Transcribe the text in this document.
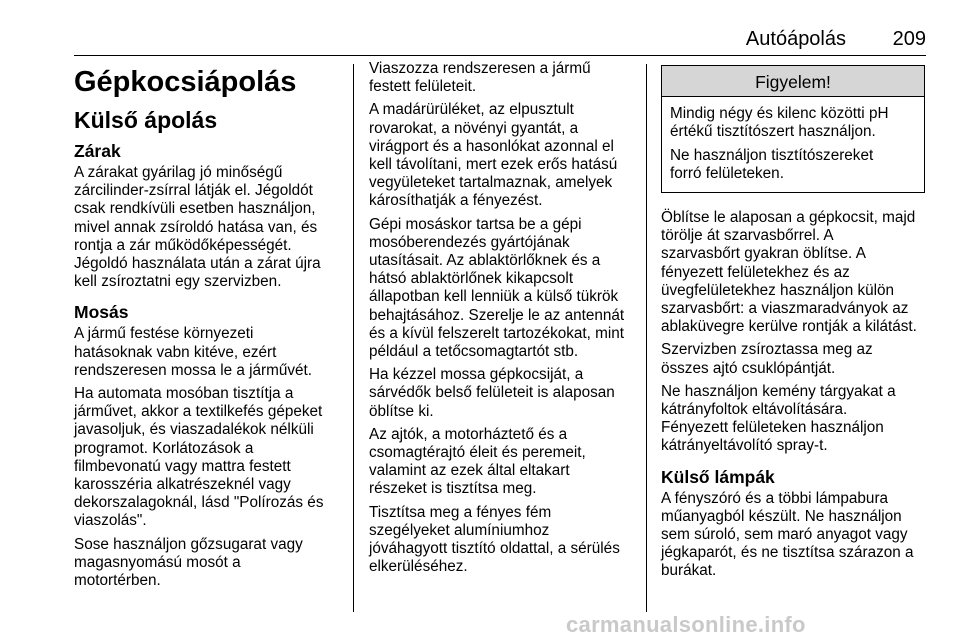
Autóápolás 209
Gépkocsiápolás
Külső ápolás
Zárak

A zárakat gyárilag jó minőségű
zárcilinder-zsírral látják el. Jégoldót
csak rendkívüli esetben használjon,
mivel annak zsíroldó hatása van, és
rontja a zár működőképességét.
Jégoldó használata után a zárat újra
kell zsíroztatni egy szervizben.

Mosás

A jármű festése környezeti
hatásoknak vabn kitéve, ezért
rendszeresen mossa le a járművét.

Ha automata mosóban tisztítja a
járművet, akkor a textilkefés gépeket
javasoljuk, és viaszadalékok nélküli
programot. Korlátozások a
filmbevonatú vagy mattra festett
karosszéria alkatrészeknél vagy
dekorszalagoknál, lásd "Polírozás és
viaszolás".

Sose használjon gőzsugarat vagy
magasnyomású mosót a
motortérben.

Viaszozza rendszeresen a jármű
festett felületeit.

A madárürüléket, az elpusztult
rovarokat, a növényi gyantát, a
virágport és a hasonlókat azonnal el
kell távolítani, mert ezek erős hatású
vegyületeket tartalmaznak, amelyek
károsíthatják a fényezést.

Gépi mosáskor tartsa be a gépi
mosóberendezés gyártójának
utasításait. Az ablaktörlőknek és a
hátsó ablaktörlőnek kikapcsolt
állapotban kell lenniük a külső tükrök
behajtásához. Szerelje le az antennát
és a kívül felszerelt tartozékokat, mint
például a tetőcsomagtartót stb.

Ha kézzel mossa gépkocsiját, a
sárvédők belső felületeit is alaposan
öblítse ki.

Az ajtók, a motorháztető és a
csomagtérajtó éleit és peremeit,
valamint az ezek által eltakart
részeket is tisztítsa meg.

Tisztítsa meg a fényes fém
szegélyeket alumíniumhoz
jóváhagyott tisztító oldattal, a sérülés
elkerüléséhez.

Figyelem!

Mindig négy és kilenc közötti pH
értékű tisztítószert használjon.

Ne használjon tisztítószereket
forró felületeken.

Öblítse le alaposan a gépkocsit, majd
törölje át szarvasbőrrel. A
szarvasbőrt gyakran öblítse. A
fényezett felületekhez és az
üvegfelületekhez használjon külön
szarvasbőrt: a viaszmaradványok az
ablaküvegre kerülve rontják a kilátást.

Szervizben zsíroztassa meg az
összes ajtó csuklópántját.

Ne használjon kemény tárgyakat a
kátrányfoltok eltávolítására.
Fényezett felületeken használjon
kátrányeltávolító spray-t.

Külső lámpák

A fényszóró és a többi lámpabura
műanyagból készült. Ne használjon
sem súroló, sem maró anyagot vagy
jégkaparót, és ne tisztítsa szárazon a
burákat.

carmanualsonline.info
